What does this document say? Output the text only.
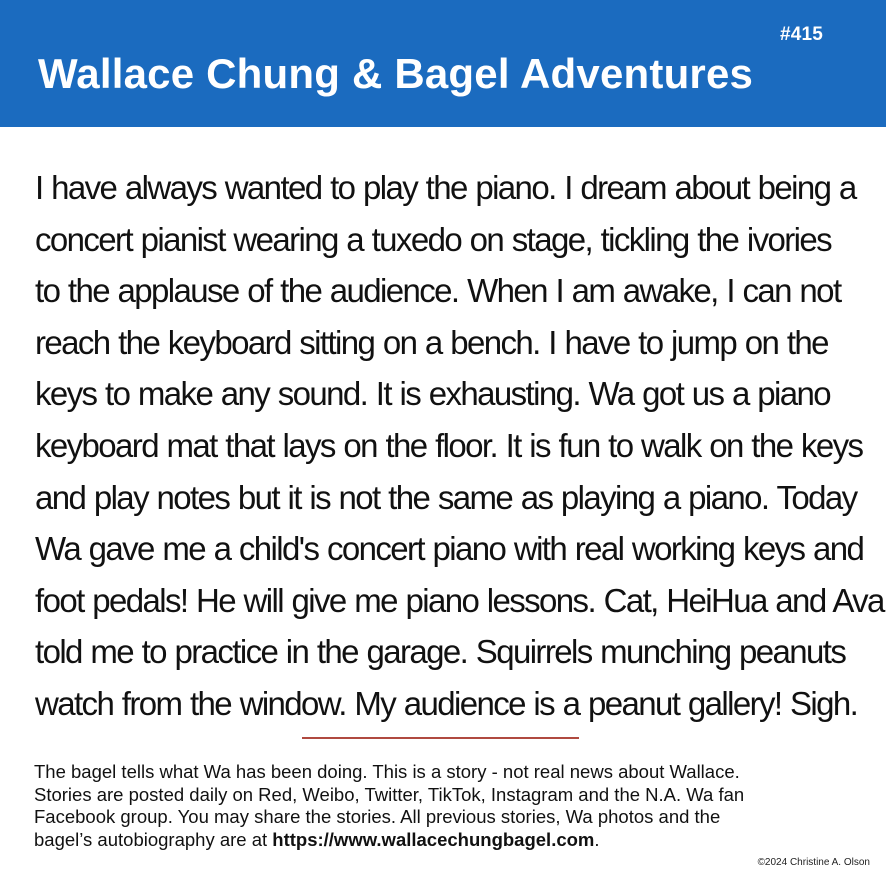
#415
Wallace Chung & Bagel Adventures
I have always wanted to play the piano. I dream about being a
concert pianist wearing a tuxedo on stage, tickling the ivories
to the applause of the audience. When I am awake, I can not
reach the keyboard sitting on a bench. I have to jump on the
keys to make any sound. It is exhausting. Wa got us a piano
keyboard mat that lays on the floor. It is fun to walk on the keys
and play notes but it is not the same as playing a piano. Today
Wa gave me a child's concert piano with real working keys and
foot pedals! He will give me piano lessons. Cat, HeiHua and Ava
told me to practice in the garage. Squirrels munching peanuts
watch from the window. My audience is a peanut gallery! Sigh.
The bagel tells what Wa has been doing. This is a story - not real news about Wallace.
Stories are posted daily on Red, Weibo, Twitter, TikTok, Instagram and the N.A. Wa fan
Facebook group. You may share the stories. All previous stories, Wa photos and the
bagel’s autobiography are at https://www.wallacechungbagel.com.
©2024 Christine A. Olson
